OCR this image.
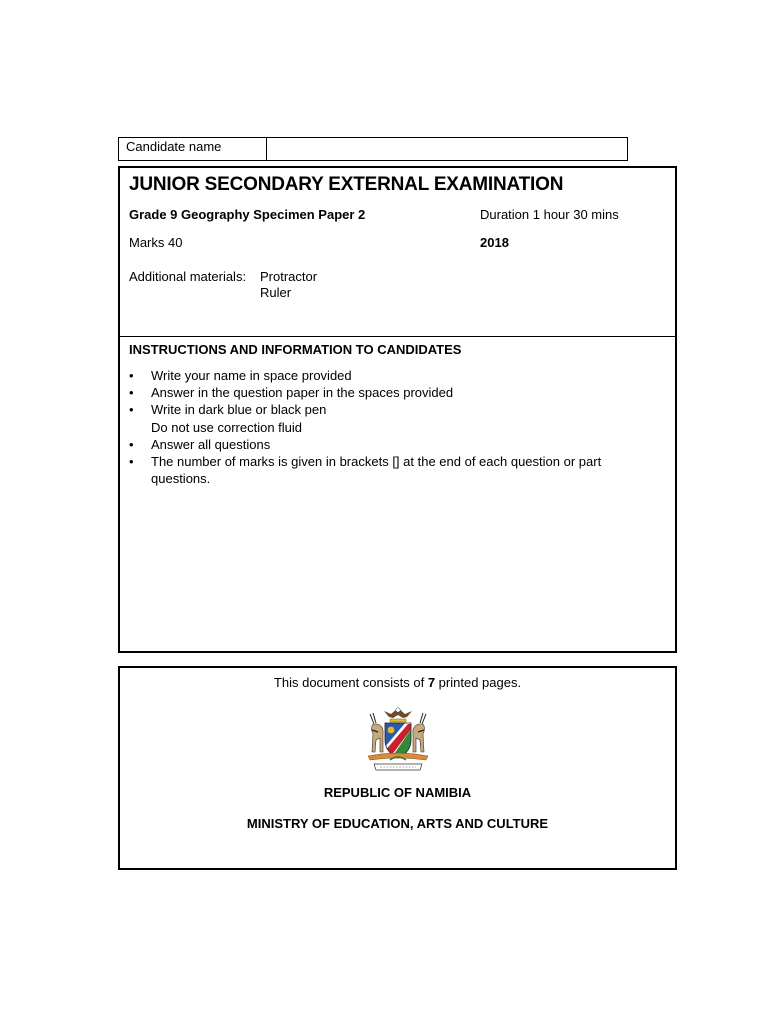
Candidate name
JUNIOR SECONDARY EXTERNAL EXAMINATION
Grade 9 Geography Specimen Paper 2	Duration 1 hour 30 mins
Marks 40	2018
Additional materials: Protractor
Ruler
INSTRUCTIONS AND INFORMATION TO CANDIDATES
• Write your name in space provided
• Answer in the question paper in the spaces provided
• Write in dark blue or black pen
Do not use correction fluid
• Answer all questions
• The number of marks is given in brackets [] at the end of each question or part questions.
This document consists of 7 printed pages.
REPUBLIC OF NAMIBIA
MINISTRY OF EDUCATION, ARTS AND CULTURE
